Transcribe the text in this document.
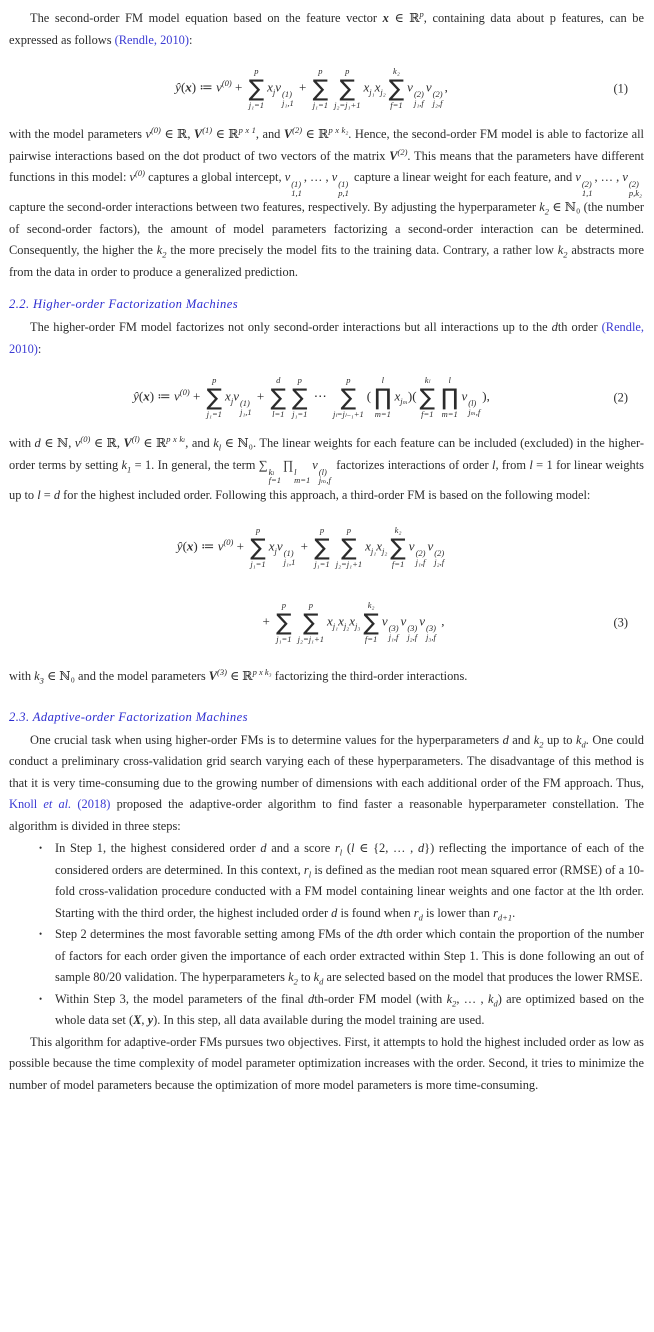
The second-order FM model equation based on the feature vector x ∈ ℝ$^p$, containing data about p features, can be expressed as follows (Rendle, 2010):

ŷ(x) ≔ $v^{(0)}$ +
p
∑
j₁=1
$x_jv$ (1)
j₁,1
+
p
∑
j₁=1
p
∑
j₂=j₁+1
$x_{j_1}x_{j_2}$
k₂
∑
f=1
v (2)
j₁,f
v (2)
j₂,f
,	(1)

with the model parameters $v^{(0)}$ ∈ ℝ, $V^{(1)}$ ∈ ℝ$^{p x 1}$, and $V^{(2)}$ ∈ ℝ$^{p x k_2}$. Hence, the second-order FM model is able to factorize all pairwise interactions based on the dot product of two vectors of the matrix $V^{(2)}$. This means that the parameters have different functions in this model: $v^{(0)}$ captures a global intercept, v (1)
1,1
, … , v (1)
p,1
capture a linear weight for each feature, and v (2)
1,1
, … , v (2)
p,k₂
capture the second-order interactions between two features, respectively. By adjusting the hyperparameter $k_2$ ∈ ℕ₀ (the number of second-order factors), the amount of model parameters factorizing a second-order interaction can be determined. Consequently, the higher the $k_2$ the more precisely the model fits to the training data. Contrary, a rather low $k_2$ abstracts more from the data in order to produce a generalized prediction.

2.2. Higher-order Factorization Machines

The higher-order FM model factorizes not only second-order interactions but all interactions up to the dth order (Rendle, 2010):

ŷ(x) ≔ $v^{(0)}$ +
p
∑
j₁=1
$x_jv$ (1)
j₁,1
+
d
∑
l=1
p
∑
j₁=1
⋯
p
∑
jₗ=jₗ₋₁+1
(
l
∏
m=1
$x_{j_m}$)(
kₗ
∑
f=1
l
∏
m=1
v (l)
jₘ,f
),	(2)

with d ∈ ℕ, $v^{(0)}$ ∈ ℝ, $V^{(l)}$ ∈ ℝ$^{p x k_l}$, and $k_l$ ∈ ℕ₀. The linear weights for each feature can be included (excluded) in the higher-order terms by setting $k_1 = 1$. In general, the term ∑ kₗ
f=1
∏ l
m=1
v (l)
jₘ,f
factorizes interactions of order l, from l = 1 for linear weights up to l = d for the highest included order. Following this approach, a third-order FM is based on the following model:

ŷ(x) ≔ $v^{(0)}$ +
p
∑
j₁=1
$x_jv$ (1)
j₁,1
+
p
∑
j₁=1
p
∑
j₂=j₁+1
$x_{j_1}x_{j_2}$
k₂
∑
f=1
v (2)
j₁,f
v (2)
j₂,f
+
p
∑
j₁=1
p
∑
j₂=j₁+1
$x_{j_1}x_{j_2}x_{j_3}$
k₂
∑
f=1
v (3)
j₁,f
v (3)
j₂,f
v (3)
j₃,f
,	(3)

with $k_3$ ∈ ℕ₀ and the model parameters $V^{(3)}$ ∈ ℝ$^{p x k_3}$ factorizing the third-order interactions.

2.3. Adaptive-order Factorization Machines

One crucial task when using higher-order FMs is to determine values for the hyperparameters d and $k_2$ up to $k_d$. One could conduct a preliminary cross-validation grid search varying each of these hyperparameters. The disadvantage of this method is that it is very time-consuming due to the growing number of dimensions with each additional order of the FM approach. Thus, Knoll et al. (2018) proposed the adaptive-order algorithm to find faster a reasonable hyperparameter constellation. The algorithm is divided in three steps:

•	In Step 1, the highest considered order d and a score $r_l$ (l ∈ {2, … , d}) reflecting the importance of each of the considered orders are determined. In this context, $r_l$ is defined as the median root mean squared error (RMSE) of a 10-fold cross-validation procedure conducted with a FM model containing linear weights and one factor at the lth order. Starting with the third order, the highest included order d is found when $r_d$ is lower than $r_{d+1}$.
•	Step 2 determines the most favorable setting among FMs of the dth order which contain the proportion of the number of factors for each order given the importance of each order extracted within Step 1. This is done following an out of sample 80/20 validation. The hyperparameters $k_2$ to $k_d$ are selected based on the model that produces the lower RMSE.
•	Within Step 3, the model parameters of the final dth-order FM model (with $k_2$, … , $k_d$) are optimized based on the whole data set (X, y). In this step, all data available during the model training are used.

This algorithm for adaptive-order FMs pursues two objectives. First, it attempts to hold the highest included order as low as possible because the time complexity of model parameter optimization increases with the order. Second, it tries to minimize the number of model parameters because the optimization of more model parameters is more time-consuming.
